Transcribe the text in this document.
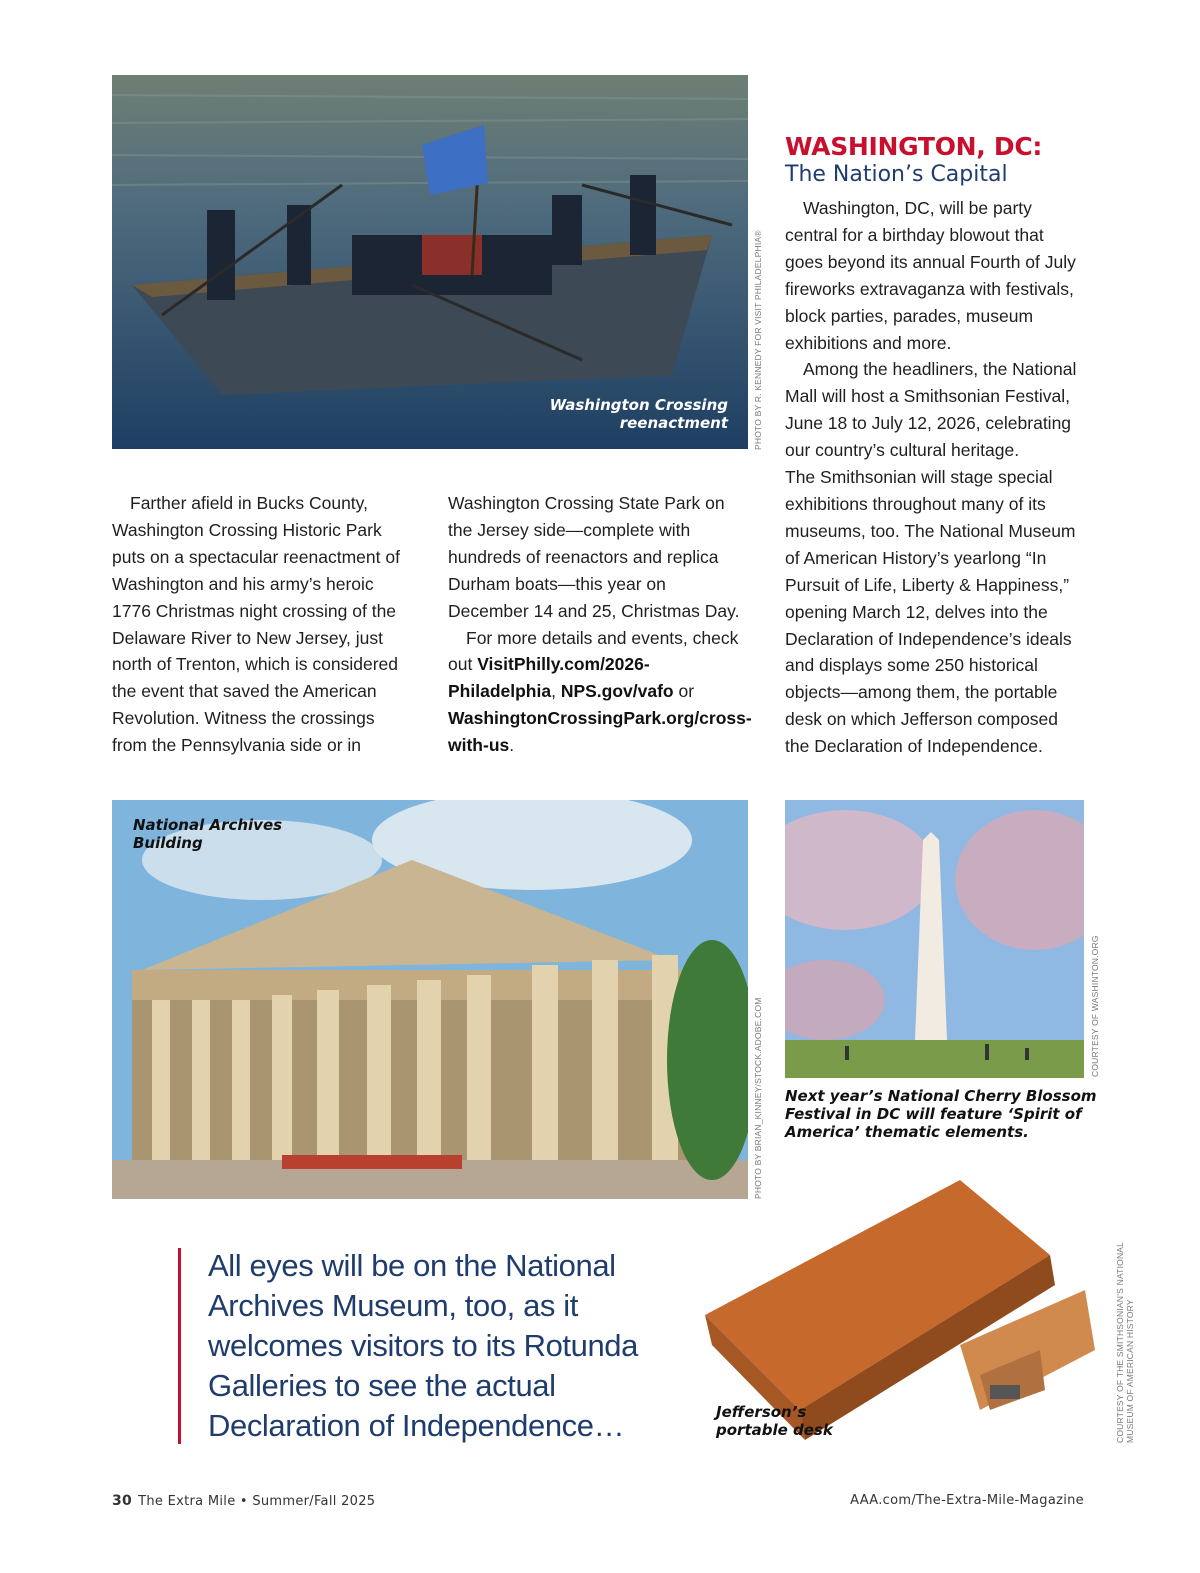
Washington Crossing
reenactment	PHOTO BY R. KENNEDY FOR VISIT PHILADELPHIA®
WASHINGTON, DC:
The Nation’s Capital

Washington, DC, will be party central for a birthday blowout that goes beyond its annual Fourth of July fireworks extravaganza with festivals, block parties, parades, museum exhibitions and more.

Among the headliners, the National Mall will host a Smithsonian Festival, June 18 to July 12, 2026, celebrating our country’s cultural heritage.

The Smithsonian will stage special exhibitions throughout many of its museums, too. The National Museum of American History’s yearlong “In Pursuit of Life, Liberty & Happiness,” opening March 12, delves into the Declaration of Independence’s ideals and displays some 250 historical objects—among them, the portable desk on which Jefferson composed the Declaration of Independence.

Farther afield in Bucks County, Washington Crossing Historic Park puts on a spectacular reenactment of Washington and his army’s heroic 1776 Christmas night crossing of the Delaware River to New Jersey, just north of Trenton, which is considered the event that saved the American Revolution. Witness the crossings from the Pennsylvania side or in

Washington Crossing State Park on the Jersey side—complete with hundreds of reenactors and replica Durham boats—this year on December 14 and 25, Christmas Day.

For more details and events, check out VisitPhilly.com/2026-Philadelphia, NPS.gov/vafo or WashingtonCrossingPark.org/cross-with-us.

National Archives
Building
PHOTO BY BRIAN_KINNEY/STOCK.ADOBE.COM	COURTESY OF WASHINTON.ORG
Next year’s National Cherry Blossom
Festival in DC will feature ‘Spirit of
America’ thematic elements.
All eyes will be on the National Archives Museum, too, as it welcomes visitors to its Rotunda Galleries to see the actual Declaration of Independence…	Jefferson’s
portable desk	COURTESY OF THE SMITHSONIAN’S NATIONAL MUSEUM OF AMERICAN HISTORY
30 The Extra Mile • Summer/Fall 2025	AAA.com/The-Extra-Mile-Magazine
